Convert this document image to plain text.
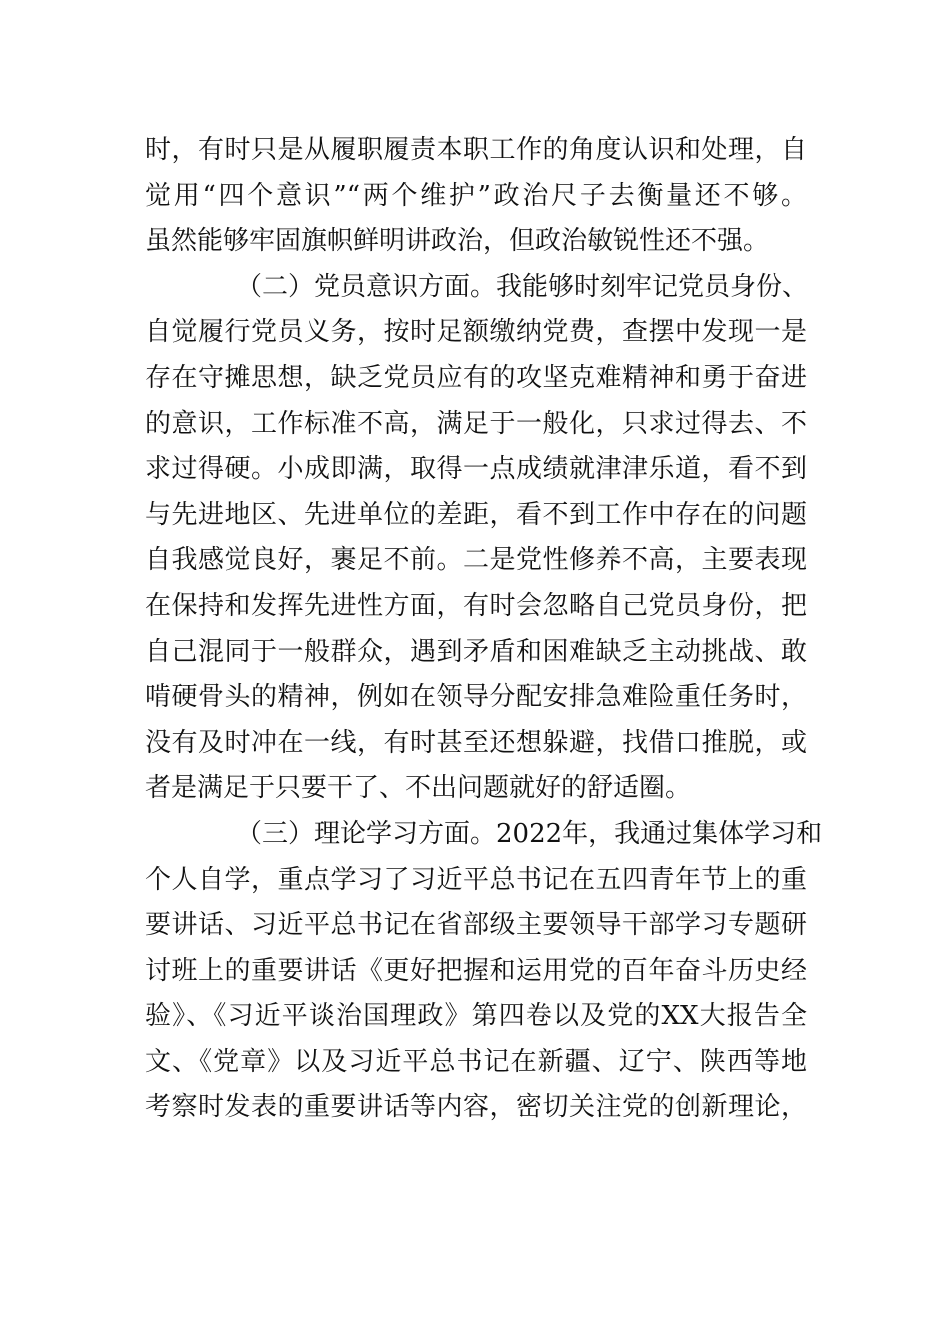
时，有时只是从履职履责本职工作的角度认识和处理，自
觉用“四个意识”“两个维护”政治尺子去衡量还不够。
虽然能够牢固旗帜鲜明讲政治，但政治敏锐性还不强。
（二）党员意识方面。我能够时刻牢记党员身份、
自觉履行党员义务，按时足额缴纳党费，查摆中发现一是
存在守摊思想，缺乏党员应有的攻坚克难精神和勇于奋进
的意识，工作标准不高，满足于一般化，只求过得去、不
求过得硬。小成即满，取得一点成绩就津津乐道，看不到
与先进地区、先进单位的差距，看不到工作中存在的问题
自我感觉良好，裹足不前。二是党性修养不高，主要表现
在保持和发挥先进性方面，有时会忽略自己党员身份，把
自己混同于一般群众，遇到矛盾和困难缺乏主动挑战、敢
啃硬骨头的精神，例如在领导分配安排急难险重任务时，
没有及时冲在一线，有时甚至还想躲避，找借口推脱，或
者是满足于只要干了、不出问题就好的舒适圈。
（三）理论学习方面。2022年，我通过集体学习和
个人自学，重点学习了习近平总书记在五四青年节上的重
要讲话、习近平总书记在省部级主要领导干部学习专题研
讨班上的重要讲话《更好把握和运用党的百年奋斗历史经
验》、《习近平谈治国理政》第四卷以及党的XX大报告全
文、《党章》以及习近平总书记在新疆、辽宁、陕西等地
考察时发表的重要讲话等内容，密切关注党的创新理论，
